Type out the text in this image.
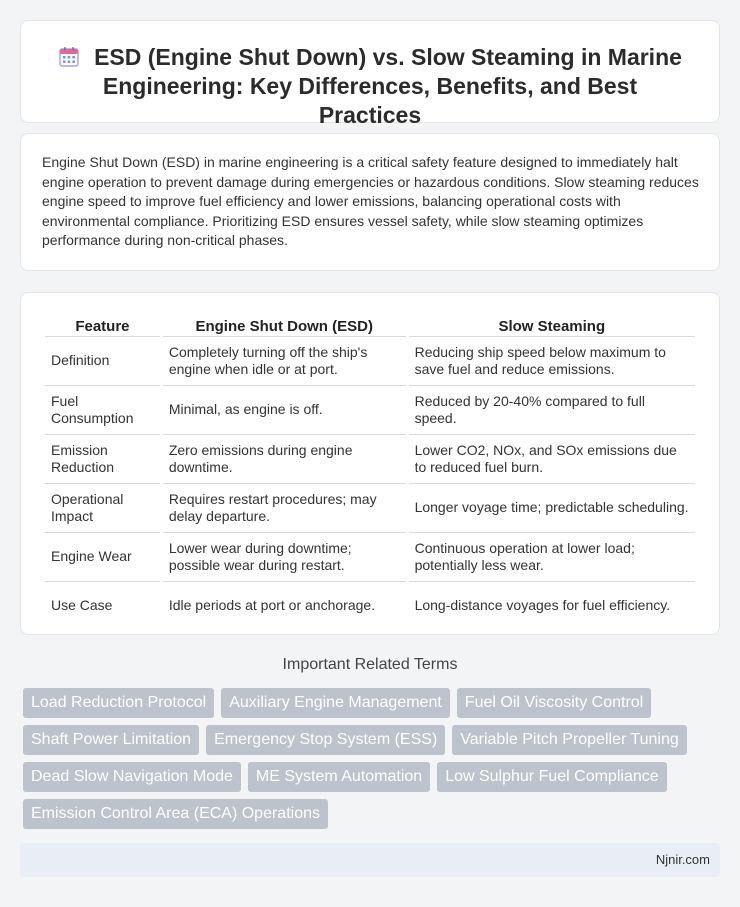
ESD (Engine Shut Down) vs. Slow Steaming in Marine Engineering: Key Differences, Benefits, and Best Practices

Engine Shut Down (ESD) in marine engineering is a critical safety feature designed to immediately halt engine operation to prevent damage during emergencies or hazardous conditions. Slow steaming reduces engine speed to improve fuel efficiency and lower emissions, balancing operational costs with environmental compliance. Prioritizing ESD ensures vessel safety, while slow steaming optimizes performance during non-critical phases.

Feature	Engine Shut Down (ESD)	Slow Steaming
Definition	Completely turning off the ship's engine when idle or at port.	Reducing ship speed below maximum to save fuel and reduce emissions.
Fuel Consumption	Minimal, as engine is off.	Reduced by 20-40% compared to full speed.
Emission Reduction	Zero emissions during engine downtime.	Lower CO2, NOx, and SOx emissions due to reduced fuel burn.
Operational Impact	Requires restart procedures; may delay departure.	Longer voyage time; predictable scheduling.
Engine Wear	Lower wear during downtime; possible wear during restart.	Continuous operation at lower load; potentially less wear.
Use Case	Idle periods at port or anchorage.	Long-distance voyages for fuel efficiency.
Important Related Terms
Load Reduction Protocol	Auxiliary Engine Management	Fuel Oil Viscosity Control
Shaft Power Limitation	Emergency Stop System (ESS)	Variable Pitch Propeller Tuning
Dead Slow Navigation Mode	ME System Automation	Low Sulphur Fuel Compliance
Emission Control Area (ECA) Operations
Njnir.com
